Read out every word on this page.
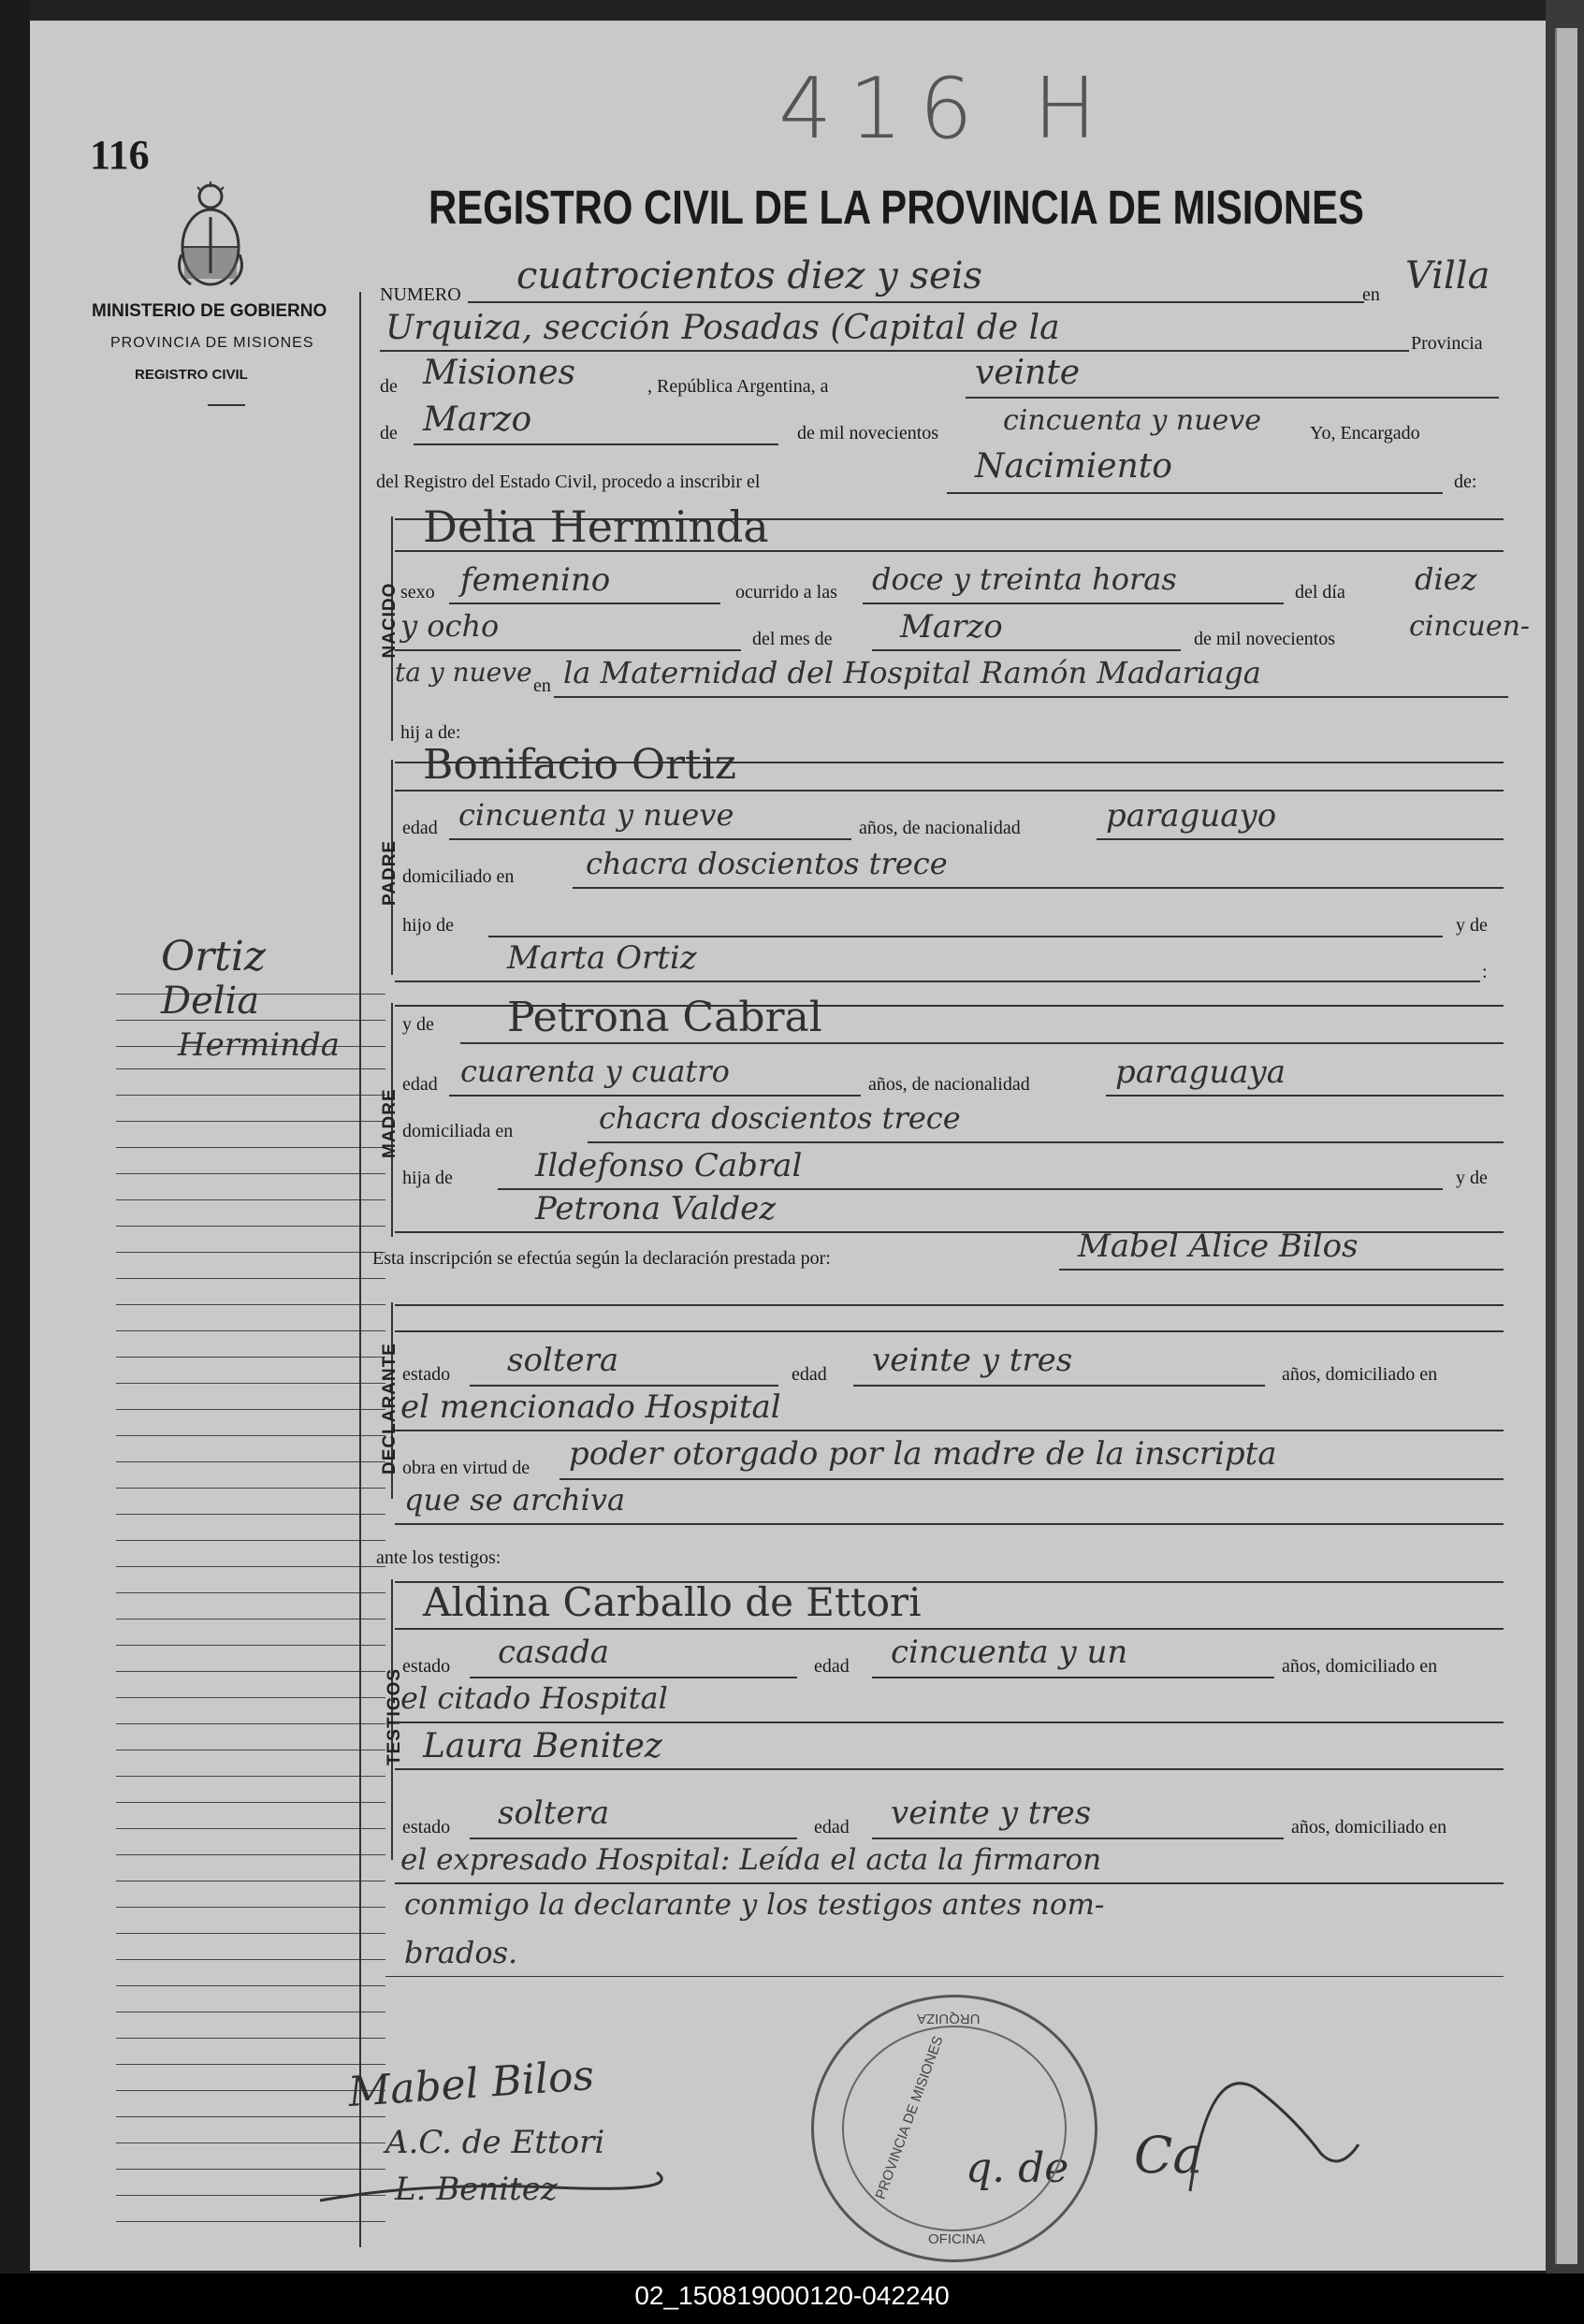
116	416 H
MINISTERIO DE GOBIERNO
PROVINCIA DE MISIONES
REGISTRO CIVIL
Ortiz
Delia
Herminda
REGISTRO CIVIL DE LA PROVINCIA DE MISIONES
NUMERO cuatrocientos diez y seis	en Villa
Urquiza, sección Posadas (Capital de la	Provincia
de Misiones	, República Argentina, a	veinte
de Marzo	de mil novecientos cincuenta y nueve	Yo, Encargado
del Registro del Estado Civil, procedo a inscribir el	Nacimiento	de:
NACIDO
Delia Herminda
sexo femenino	ocurrido a las doce y treinta horas	del día diez
y ocho	del mes de Marzo	de mil novecientos	cincuen-
ta y nueve en la Maternidad del Hospital Ramón Madariaga
hij a de:
PADRE
Bonifacio Ortiz
edad cincuenta y nueve	años, de nacionalidad	paraguayo
domiciliado en chacra doscientos trece
hijo de	y de
Marta Ortiz	:
MADRE
y de Petrona Cabral
edad cuarenta y cuatro	años, de nacionalidad	paraguaya
domiciliada en	chacra doscientos trece
hija de	Ildefonso Cabral	y de
Petrona Valdez
Esta inscripción se efectúa según la declaración prestada por:	Mabel Alice Bilos
DECLARANTE estado soltera	edad veinte y tres	años, domiciliado en
el mencionado Hospital
obra en virtud de poder otorgado por la madre de la inscripta
que se archiva
ante los testigos:
TESTIGOS
Aldina Carballo de Ettori
estado casada	edad cincuenta y un	años, domiciliado en
el citado Hospital
Laura Benitez
estado soltera	edad veinte y tres	años, domiciliado en
el expresado Hospital: Leída el acta la firmaron
conmigo la declarante y los testigos antes nom-
brados.
Mabel Bilos
A.C. de Ettori
L. Benitez	q. de Ca
PROVINCIA DE MISIONES
URQUIZA
OFICINA
02_150819000120-042240
